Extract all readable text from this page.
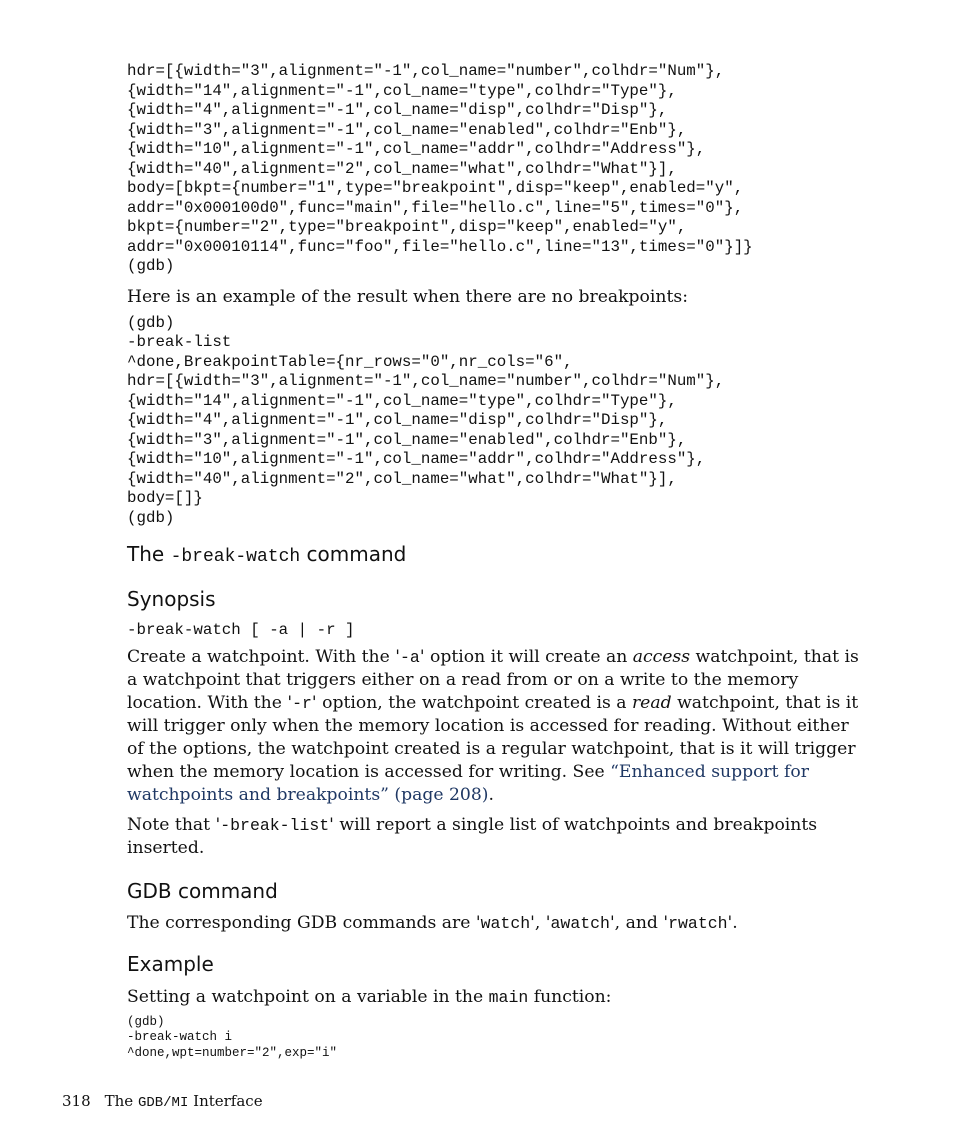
hdr=[{width="3",alignment="-1",col_name="number",colhdr="Num"},
{width="14",alignment="-1",col_name="type",colhdr="Type"},
{width="4",alignment="-1",col_name="disp",colhdr="Disp"},
{width="3",alignment="-1",col_name="enabled",colhdr="Enb"},
{width="10",alignment="-1",col_name="addr",colhdr="Address"},
{width="40",alignment="2",col_name="what",colhdr="What"}],
body=[bkpt={number="1",type="breakpoint",disp="keep",enabled="y",
addr="0x000100d0",func="main",file="hello.c",line="5",times="0"},
bkpt={number="2",type="breakpoint",disp="keep",enabled="y",
addr="0x00010114",func="foo",file="hello.c",line="13",times="0"}]}
(gdb)

Here is an example of the result when there are no breakpoints:

(gdb)
-break-list
^done,BreakpointTable={nr_rows="0",nr_cols="6",
hdr=[{width="3",alignment="-1",col_name="number",colhdr="Num"},
{width="14",alignment="-1",col_name="type",colhdr="Type"},
{width="4",alignment="-1",col_name="disp",colhdr="Disp"},
{width="3",alignment="-1",col_name="enabled",colhdr="Enb"},
{width="10",alignment="-1",col_name="addr",colhdr="Address"},
{width="40",alignment="2",col_name="what",colhdr="What"}],
body=[]}
(gdb)
The -break-watch command
Synopsis
-break-watch [ -a | -r ]

Create a watchpoint. With the '-a' option it will create an access watchpoint, that is a watchpoint that triggers either on a read from or on a write to the memory location. With the '-r' option, the watchpoint created is a read watchpoint, that is it will trigger only when the memory location is accessed for reading. Without either of the options, the watchpoint created is a regular watchpoint, that is it will trigger when the memory location is accessed for writing. See “Enhanced support for watchpoints and breakpoints” (page 208).

Note that '-break-list' will report a single list of watchpoints and breakpoints inserted.

GDB command

The corresponding GDB commands are 'watch', 'awatch', and 'rwatch'.

Example

Setting a watchpoint on a variable in the main function:

(gdb)
-break-watch i
^done,wpt=number="2",exp="i"
318 The GDB/MI Interface
